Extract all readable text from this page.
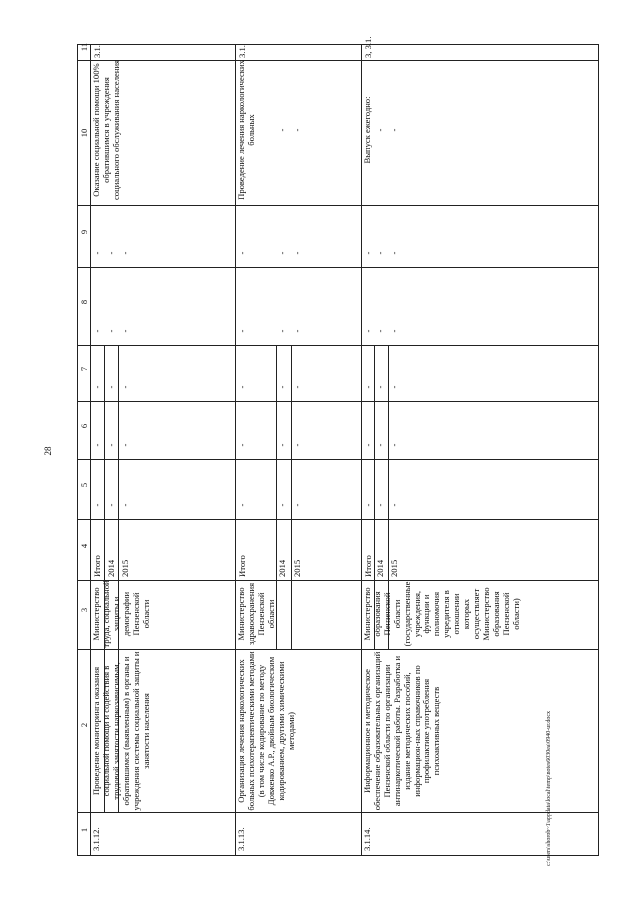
28
11
10
9
8
7
6
5
4
3
2
1 3.1.12.
Проведение мониторинга оказания социальной помощи и содействия в трудовой занятости наркозависимым, обратившимся (выявленным) в органы и учреждения системы социальной защиты и занятости населения
Министерство труда, социальной защиты и демографии Пензенской области
Итого 2014 2015
-
-
-
-
-
-
-
-
-
-
-
-
-
-
-
Оказание социальной помощи 100% обратившимся в учреждения социального обслуживания населения
3.1.
3.1.13.
Организация лечения наркологических больных психотерапевтическими методами (в том числе кодирование по методу Довженко А.Р., двойным биологическим кодированием, другими химическими методами)
Министерство здравоохранения Пензенской области
Итого	2014 2015
-
-
-
-
-
-
-
-
-
-
-
-
-
-
-
Проведение лечения наркологических больных - -
3.1.
3.1.14.
Информационное и методическое обеспечение образовательных организаций Пензенской области по организации антинаркотической работы. Разработка и издание методических пособий, информацион-ных справочников по профилактике употребления психоактивных веществ
Министерство образования Пензенской области (государственные учреждения, функции и полномочия учредителя в отношении которых осуществляет Министерство образования Пензенской области)
Итого 2014 2015
-
-
-
-
-
-
-
-
-
-
-
-
-
-
-
Выпуск ежегодно: - -
3, 3.1.
c:\users\shorob~1\appdata\local\temp\notes6030ea\0940-ur.docx
